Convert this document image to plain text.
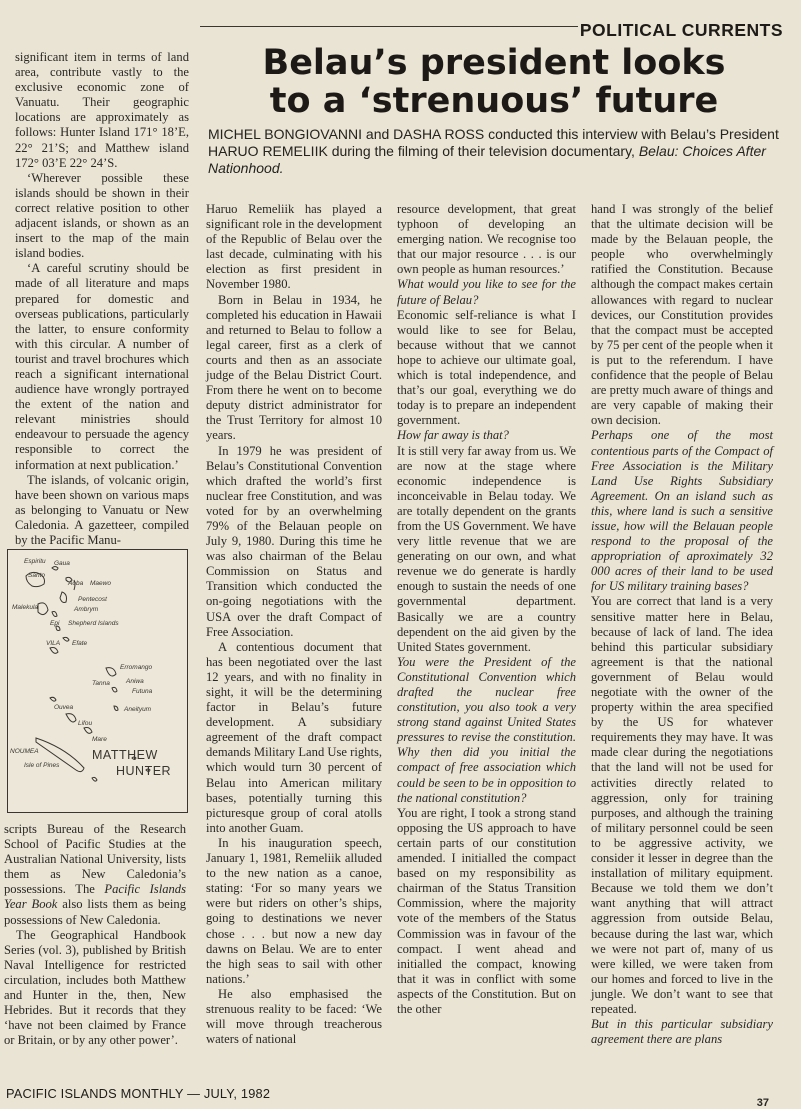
POLITICAL CURRENTS
Belau’s president looks
to a ‘strenuous’ future
MICHEL BONGIOVANNI and DASHA ROSS conducted this interview with Belau’s President HARUO REMELIIK during the filming of their television documentary, Belau: Choices After Nationhood.

significant item in terms of land area, contribute vastly to the exclusive economic zone of Vanuatu. Their geographic locations are approximately as follows: Hunter Island 171° 18’E, 22° 21’S; and Matthew island 172° 03’E 22° 24’S.

‘Wherever possible these islands should be shown in their correct relative position to other adjacent islands, or shown as an insert to the map of the main island bodies.

‘A careful scrutiny should be made of all literature and maps prepared for domestic and overseas publications, particularly the latter, to ensure conformity with this circular. A number of tourist and travel brochures which reach a significant international audience have wrongly portrayed the extent of the nation and relevant ministries should endeavour to persuade the agency responsible to correct the information at next publication.’

The islands, of volcanic origin, have been shown on various maps as belonging to Vanuatu or New Caledonia. A gazetteer, compiled by the Pacific Manu-

Espiritu Gaua
Santo
Aoba Maewo
Pentecost
Malekula	Ambrym
Epi Shepherd Islands
Efate
VILA
Erromango
Tanna Aniwa
Futuna
Aneityum
Ouvea
Lifou
Mare
NOUMEA
Isle of Pines
MATTHEW
HUNTER

scripts Bureau of the Research School of Pacific Studies at the Australian National University, lists them as New Caledonia’s possessions. The Pacific Islands Year Book also lists them as being possessions of New Caledonia.

The Geographical Handbook Series (vol. 3), published by British Naval Intelligence for restricted circulation, includes both Matthew and Hunter in the, then, New Hebrides. But it records that they ‘have not been claimed by France or Britain, or by any other power’.

Haruo Remeliik has played a significant role in the development of the Republic of Belau over the last decade, culminating with his election as first president in November 1980.

Born in Belau in 1934, he completed his education in Hawaii and returned to Belau to follow a legal career, first as a clerk of courts and then as an associate judge of the Belau District Court. From there he went on to become deputy district administrator for the Trust Territory for almost 10 years.

In 1979 he was president of Belau’s Constitutional Convention which drafted the world’s first nuclear free Constitution, and was voted for by an overwhelming 79% of the Belauan people on July 9, 1980. During this time he was also chairman of the Belau Commission on Status and Transition which conducted the on-going negotiations with the USA over the draft Compact of Free Association.

A contentious document that has been negotiated over the last 12 years, and with no finality in sight, it will be the determining factor in Belau’s future development. A subsidiary agreement of the draft compact demands Military Land Use rights, which would turn 30 percent of Belau into American military bases, potentially turning this picturesque group of coral atolls into another Guam.

In his inauguration speech, January 1, 1981, Remeliik alluded to the new nation as a canoe, stating: ‘For so many years we were but riders on other’s ships, going to destinations we never chose . . . but now a new day dawns on Belau. We are to enter the high seas to sail with other nations.’

He also emphasised the strenuous reality to be faced: ‘We will move through treacherous waters of national

resource development, that great typhoon of developing an emerging nation. We recognise too that our major resource . . . is our own people as human resources.’

What would you like to see for the future of Belau?

Economic self-reliance is what I would like to see for Belau, because without that we cannot hope to achieve our ultimate goal, which is total independence, and that’s our goal, everything we do today is to prepare an independent government.

How far away is that?

It is still very far away from us. We are now at the stage where economic independence is inconceivable in Belau today. We are totally dependent on the grants from the US Government. We have very little revenue that we are generating on our own, and what revenue we do generate is hardly enough to sustain the needs of one governmental department. Basically we are a country dependent on the aid given by the United States government.

You were the President of the Constitutional Convention which drafted the nuclear free constitution, you also took a very strong stand against United States pressures to revise the constitution. Why then did you initial the compact of free association which could be seen to be in opposition to the national constitution?

You are right, I took a strong stand opposing the US approach to have certain parts of our constitution amended. I initialled the compact based on my responsibility as chairman of the Status Transition Commission, where the majority vote of the members of the Status Commission was in favour of the compact. I went ahead and initialled the compact, knowing that it was in conflict with some aspects of the Constitution. But on the other

hand I was strongly of the belief that the ultimate decision will be made by the Belauan people, the people who overwhelmingly ratified the Constitution. Because although the compact makes certain allowances with regard to nuclear devices, our Constitution provides that the compact must be accepted by 75 per cent of the people when it is put to the referendum. I have confidence that the people of Belau are pretty much aware of things and are very capable of making their own decision.

Perhaps one of the most contentious parts of the Compact of Free Association is the Military Land Use Rights Subsidiary Agreement. On an island such as this, where land is such a sensitive issue, how will the Belauan people respond to the proposal of the appropriation of aproximately 32 000 acres of their land to be used for US military training bases?

You are correct that land is a very sensitive matter here in Belau, because of lack of land. The idea behind this particular subsidiary agreement is that the national government of Belau would negotiate with the owner of the property within the area specified by the US for whatever requirements they may have. It was made clear during the negotiations that the land will not be used for activities directly related to aggression, only for training purposes, and although the training of military personnel could be seen to be aggressive activity, we consider it lesser in degree than the installation of military equipment. Because we told them we don’t want anything that will attract aggression from outside Belau, because during the last war, which we were not part of, many of us were killed, we were taken from our homes and forced to live in the jungle. We don’t want to see that repeated.

But in this particular subsidiary agreement there are plans

PACIFIC ISLANDS MONTHLY — JULY, 1982
37
